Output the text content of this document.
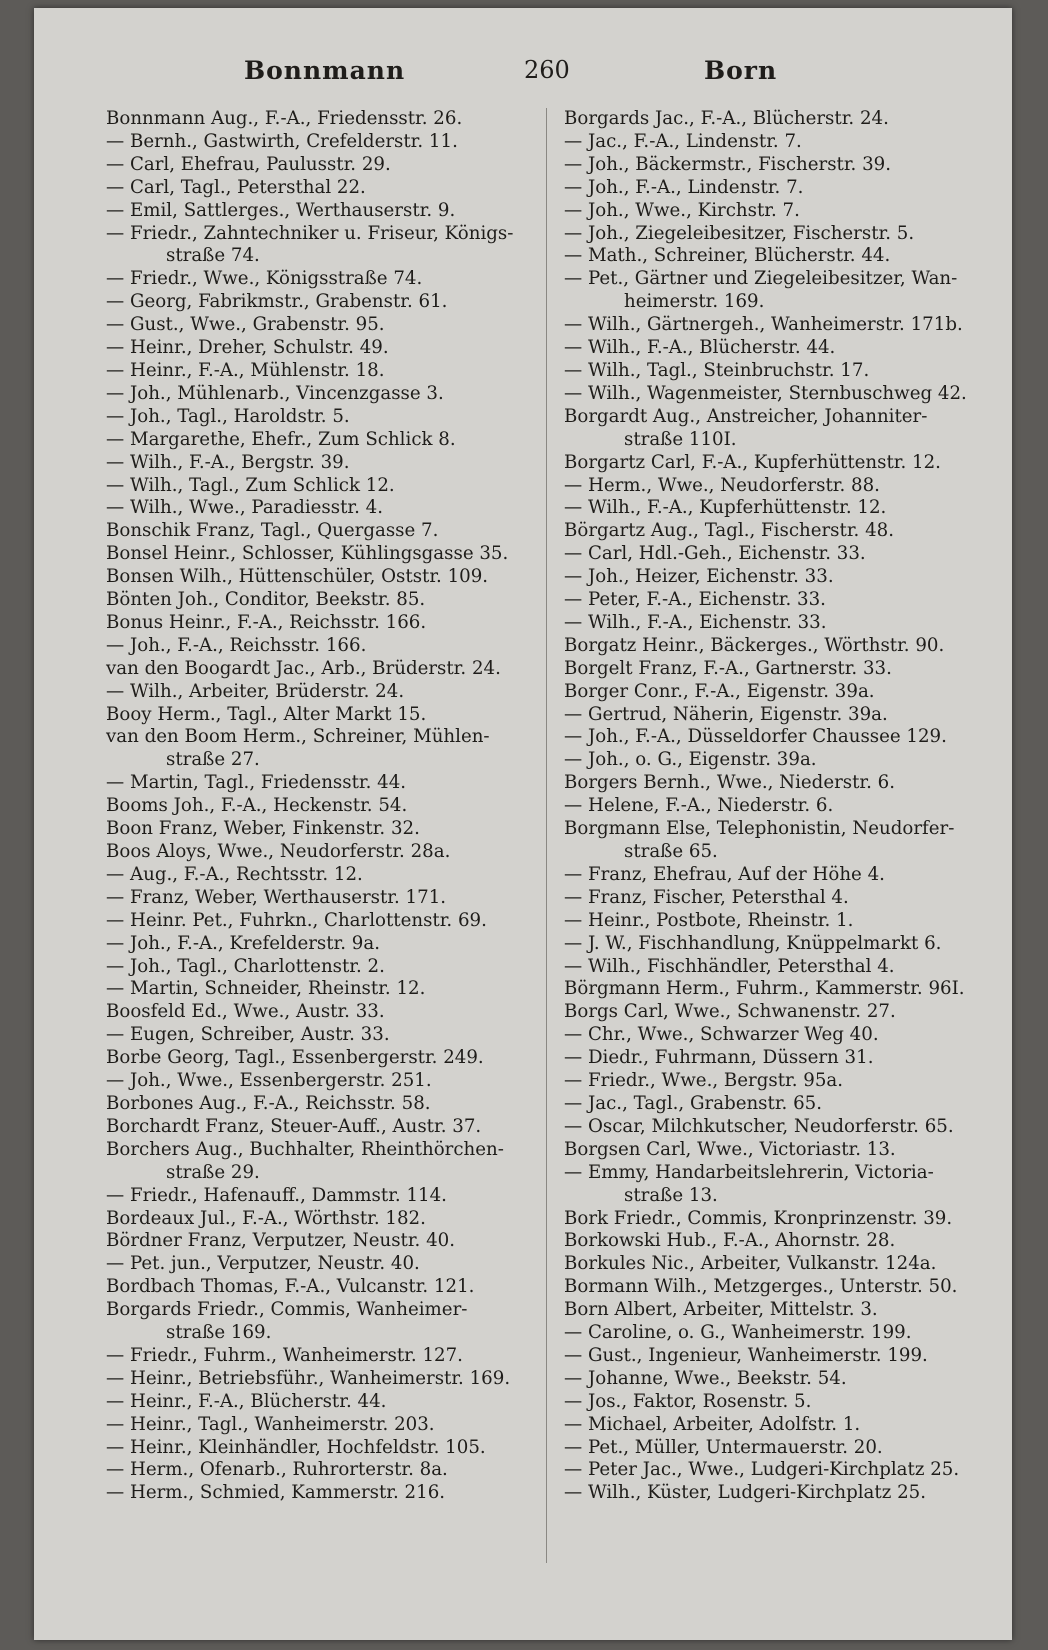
Bonnmann	260	Born
Bonnmann Aug., F.-A., Friedensstr. 26.
— Bernh., Gastwirth, Crefelderstr. 11.
— Carl, Ehefrau, Paulusstr. 29.
— Carl, Tagl., Petersthal 22.
— Emil, Sattlerges., Werthauserstr. 9.
— Friedr., Zahntechniker u. Friseur, Königs-
straße 74.
— Friedr., Wwe., Königsstraße 74.
— Georg, Fabrikmstr., Grabenstr. 61.
— Gust., Wwe., Grabenstr. 95.
— Heinr., Dreher, Schulstr. 49.
— Heinr., F.-A., Mühlenstr. 18.
— Joh., Mühlenarb., Vincenzgasse 3.
— Joh., Tagl., Haroldstr. 5.
— Margarethe, Ehefr., Zum Schlick 8.
— Wilh., F.-A., Bergstr. 39.
— Wilh., Tagl., Zum Schlick 12.
— Wilh., Wwe., Paradiesstr. 4.
Bonschik Franz, Tagl., Quergasse 7.
Bonsel Heinr., Schlosser, Kühlingsgasse 35.
Bonsen Wilh., Hüttenschüler, Oststr. 109.
Bönten Joh., Conditor, Beekstr. 85.
Bonus Heinr., F.-A., Reichsstr. 166.
— Joh., F.-A., Reichsstr. 166.
van den Boogardt Jac., Arb., Brüderstr. 24.
— Wilh., Arbeiter, Brüderstr. 24.
Booy Herm., Tagl., Alter Markt 15.
van den Boom Herm., Schreiner, Mühlen-
straße 27.
— Martin, Tagl., Friedensstr. 44.
Booms Joh., F.-A., Heckenstr. 54.
Boon Franz, Weber, Finkenstr. 32.
Boos Aloys, Wwe., Neudorferstr. 28a.
— Aug., F.-A., Rechtsstr. 12.
— Franz, Weber, Werthauserstr. 171.
— Heinr. Pet., Fuhrkn., Charlottenstr. 69.
— Joh., F.-A., Krefelderstr. 9a.
— Joh., Tagl., Charlottenstr. 2.
— Martin, Schneider, Rheinstr. 12.
Boosfeld Ed., Wwe., Austr. 33.
— Eugen, Schreiber, Austr. 33.
Borbe Georg, Tagl., Essenbergerstr. 249.
— Joh., Wwe., Essenbergerstr. 251.
Borbones Aug., F.-A., Reichsstr. 58.
Borchardt Franz, Steuer-Auff., Austr. 37.
Borchers Aug., Buchhalter, Rheinthörchen-
straße 29.
— Friedr., Hafenauff., Dammstr. 114.
Bordeaux Jul., F.-A., Wörthstr. 182.
Bördner Franz, Verputzer, Neustr. 40.
— Pet. jun., Verputzer, Neustr. 40.
Bordbach Thomas, F.-A., Vulcanstr. 121.
Borgards Friedr., Commis, Wanheimer-
straße 169.
— Friedr., Fuhrm., Wanheimerstr. 127.
— Heinr., Betriebsführ., Wanheimerstr. 169.
— Heinr., F.-A., Blücherstr. 44.
— Heinr., Tagl., Wanheimerstr. 203.
— Heinr., Kleinhändler, Hochfeldstr. 105.
— Herm., Ofenarb., Ruhrorterstr. 8a.
— Herm., Schmied, Kammerstr. 216.
Borgards Jac., F.-A., Blücherstr. 24.
— Jac., F.-A., Lindenstr. 7.
— Joh., Bäckermstr., Fischerstr. 39.
— Joh., F.-A., Lindenstr. 7.
— Joh., Wwe., Kirchstr. 7.
— Joh., Ziegeleibesitzer, Fischerstr. 5.
— Math., Schreiner, Blücherstr. 44.
— Pet., Gärtner und Ziegeleibesitzer, Wan-
heimerstr. 169.
— Wilh., Gärtnergeh., Wanheimerstr. 171b.
— Wilh., F.-A., Blücherstr. 44.
— Wilh., Tagl., Steinbruchstr. 17.
— Wilh., Wagenmeister, Sternbuschweg 42.
Borgardt Aug., Anstreicher, Johanniter-
straße 110I.
Borgartz Carl, F.-A., Kupferhüttenstr. 12.
— Herm., Wwe., Neudorferstr. 88.
— Wilh., F.-A., Kupferhüttenstr. 12.
Börgartz Aug., Tagl., Fischerstr. 48.
— Carl, Hdl.-Geh., Eichenstr. 33.
— Joh., Heizer, Eichenstr. 33.
— Peter, F.-A., Eichenstr. 33.
— Wilh., F.-A., Eichenstr. 33.
Borgatz Heinr., Bäckerges., Wörthstr. 90.
Borgelt Franz, F.-A., Gartnerstr. 33.
Borger Conr., F.-A., Eigenstr. 39a.
— Gertrud, Näherin, Eigenstr. 39a.
— Joh., F.-A., Düsseldorfer Chaussee 129.
— Joh., o. G., Eigenstr. 39a.
Borgers Bernh., Wwe., Niederstr. 6.
— Helene, F.-A., Niederstr. 6.
Borgmann Else, Telephonistin, Neudorfer-
straße 65.
— Franz, Ehefrau, Auf der Höhe 4.
— Franz, Fischer, Petersthal 4.
— Heinr., Postbote, Rheinstr. 1.
— J. W., Fischhandlung, Knüppelmarkt 6.
— Wilh., Fischhändler, Petersthal 4.
Börgmann Herm., Fuhrm., Kammerstr. 96I.
Borgs Carl, Wwe., Schwanenstr. 27.
— Chr., Wwe., Schwarzer Weg 40.
— Diedr., Fuhrmann, Düssern 31.
— Friedr., Wwe., Bergstr. 95a.
— Jac., Tagl., Grabenstr. 65.
— Oscar, Milchkutscher, Neudorferstr. 65.
Borgsen Carl, Wwe., Victoriastr. 13.
— Emmy, Handarbeitslehrerin, Victoria-
straße 13.
Bork Friedr., Commis, Kronprinzenstr. 39.
Borkowski Hub., F.-A., Ahornstr. 28.
Borkules Nic., Arbeiter, Vulkanstr. 124a.
Bormann Wilh., Metzgerges., Unterstr. 50.
Born Albert, Arbeiter, Mittelstr. 3.
— Caroline, o. G., Wanheimerstr. 199.
— Gust., Ingenieur, Wanheimerstr. 199.
— Johanne, Wwe., Beekstr. 54.
— Jos., Faktor, Rosenstr. 5.
— Michael, Arbeiter, Adolfstr. 1.
— Pet., Müller, Untermauerstr. 20.
— Peter Jac., Wwe., Ludgeri-Kirchplatz 25.
— Wilh., Küster, Ludgeri-Kirchplatz 25.
